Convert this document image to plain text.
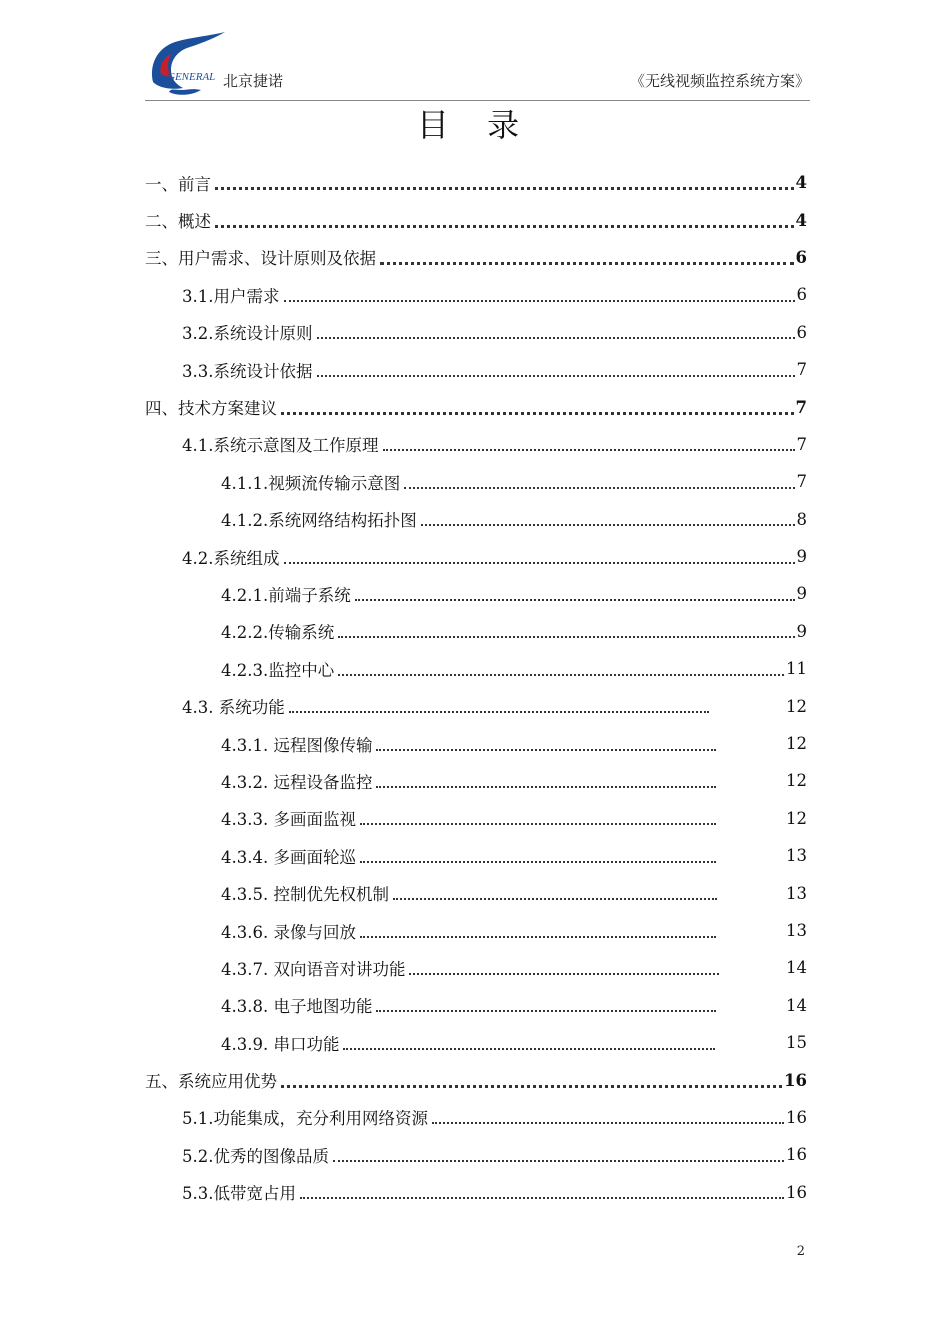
GENERAL 北京捷诺	《无线视频监控系统方案》
目 录
一、前言	4
二、概述	4
三、用户需求、设计原则及依据	6
3.1.用户需求	6
3.2.系统设计原则	6
3.3.系统设计依据	7
四、技术方案建议	7
4.1.系统示意图及工作原理	7
4.1.1.视频流传输示意图	7
4.1.2.系统网络结构拓扑图	8
4.2.系统组成	9
4.2.1.前端子系统	9
4.2.2.传输系统	9
4.2.3.监控中心	11
4.3. 系统功能	12
4.3.1. 远程图像传输	12
4.3.2. 远程设备监控	12
4.3.3. 多画面监视	12
4.3.4. 多画面轮巡	13
4.3.5. 控制优先权机制	13
4.3.6. 录像与回放	13
4.3.7. 双向语音对讲功能	14
4.3.8. 电子地图功能	14
4.3.9. 串口功能	15
五、系统应用优势	16
5.1.功能集成，充分利用网络资源	16
5.2.优秀的图像品质	16
5.3.低带宽占用	16
2
